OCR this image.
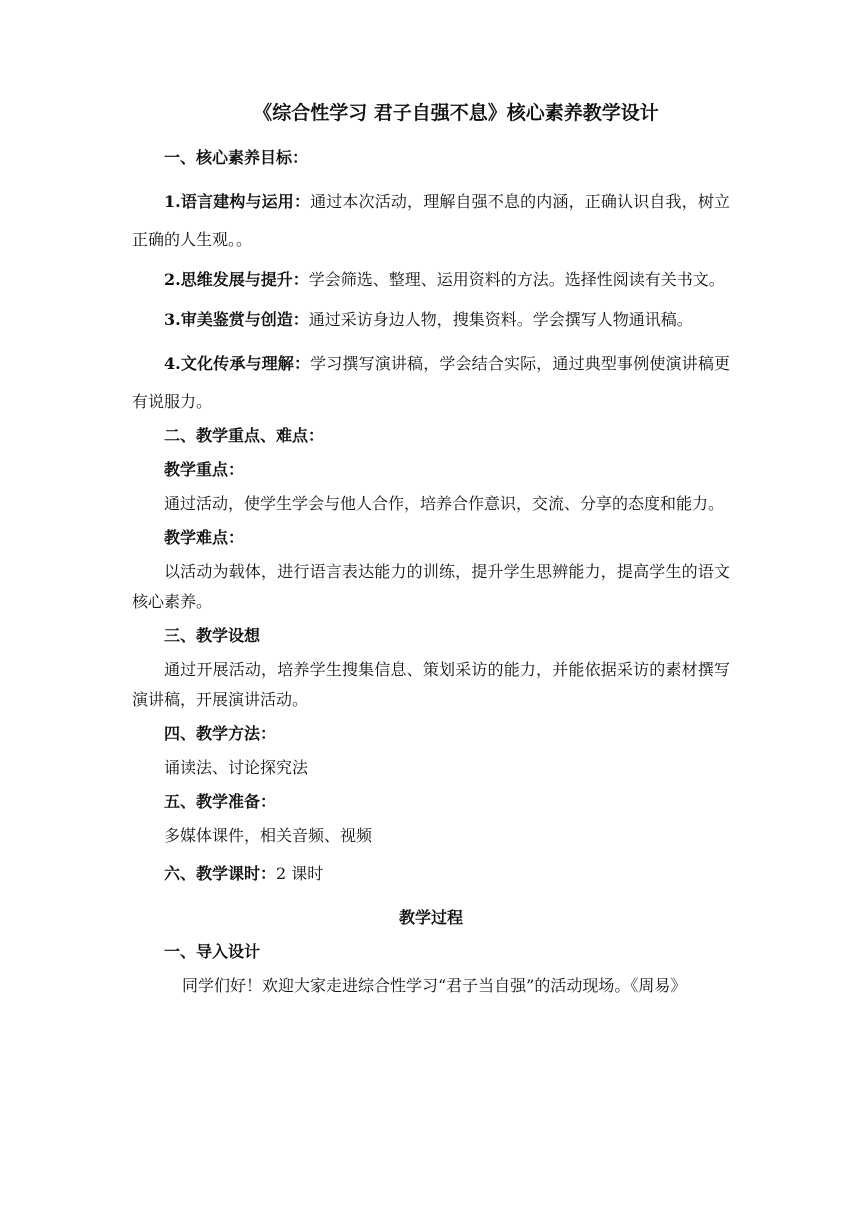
《综合性学习 君子自强不息》核心素养教学设计

一、核心素养目标：

1.语言建构与运用：通过本次活动，理解自强不息的内涵，正确认识自我，树立正确的人生观。。

2.思维发展与提升：学会筛选、整理、运用资料的方法。选择性阅读有关书文。

3.审美鉴赏与创造：通过采访身边人物，搜集资料。学会撰写人物通讯稿。

4.文化传承与理解：学习撰写演讲稿，学会结合实际，通过典型事例使演讲稿更有说服力。

二、教学重点、难点：

教学重点：

通过活动，使学生学会与他人合作，培养合作意识，交流、分享的态度和能力。

教学难点：

以活动为载体，进行语言表达能力的训练，提升学生思辨能力，提高学生的语文核心素养。

三、教学设想

通过开展活动，培养学生搜集信息、策划采访的能力，并能依据采访的素材撰写演讲稿，开展演讲活动。

四、教学方法：

诵读法、讨论探究法

五、教学准备：

多媒体课件，相关音频、视频

六、教学课时：2 课时

教学过程

一、导入设计

同学们好！欢迎大家走进综合性学习“君子当自强”的活动现场。《周易》
